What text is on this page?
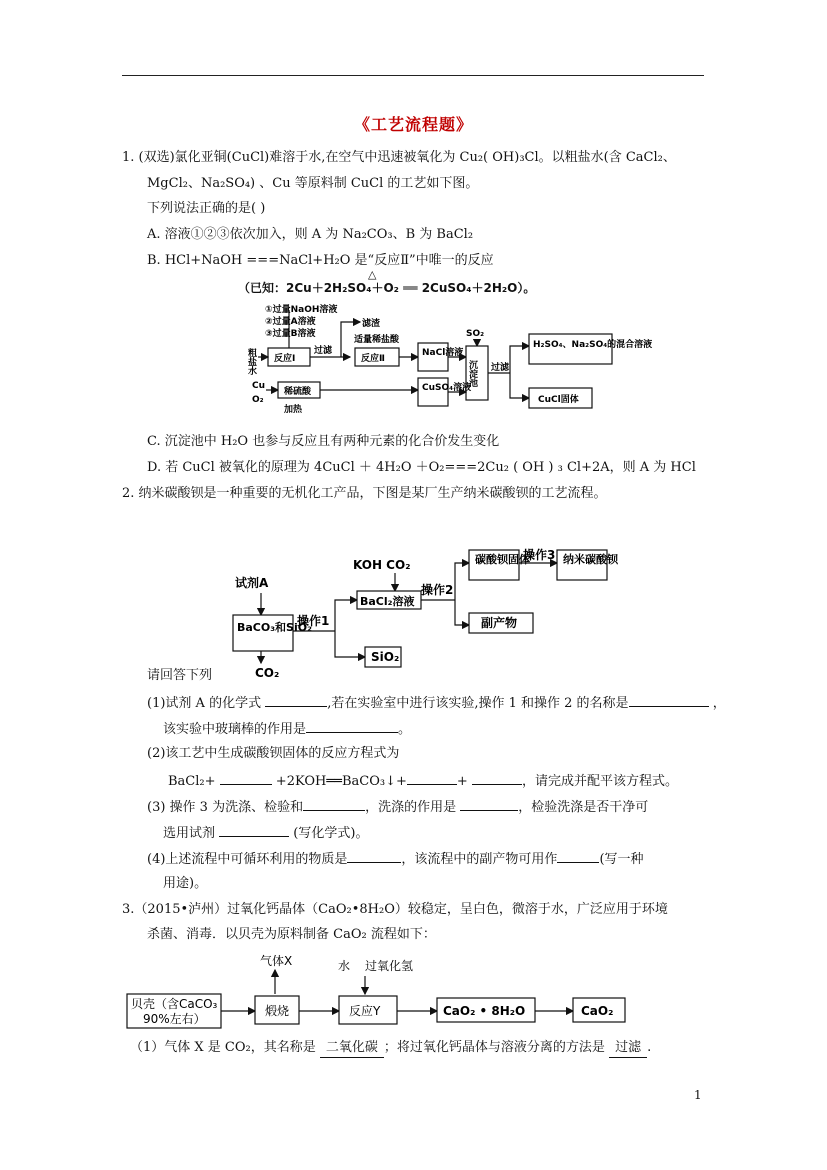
《工艺流程题》
1. (双选)氯化亚铜(CuCl)难溶于水,在空气中迅速被氧化为 Cu₂( OH)₃Cl。以粗盐水(含 CaCl₂、
MgCl₂、Na₂SO₄) 、Cu 等原料制 CuCl 的工艺如下图。
下列说法正确的是( )
A. 溶液①②③依次加入，则 A 为 Na₂CO₃、B 为 BaCl₂
B. HCl+NaOH ===NaCl+H₂O 是“反应Ⅱ”中唯一的反应
△
（已知：2Cu＋2H₂SO₄＋O₂ ══ 2CuSO₄＋2H₂O）。
①过量NaOH溶液
②过量A溶液
③过量B溶液
粗盐水 反应Ⅰ
过滤
滤渣
适量稀盐酸
反应Ⅱ
NaCl溶液
SO₂
沉淀池 过滤
H₂SO₄、Na₂SO₄的混合溶液
CuCl固体
Cu
O₂
稀硫酸
加热
CuSO₄溶液
C. 沉淀池中 H₂O 也参与反应且有两种元素的化合价发生变化
D. 若 CuCl 被氧化的原理为 4CuCl ＋ 4H₂O ＋O₂===2Cu₂ ( OH ) ₃ Cl+2A，则 A 为 HCl
2. 纳米碳酸钡是一种重要的无机化工产品，下图是某厂生产纳米碳酸钡的工艺流程。
试剂A
BaCO₃和SiO₂
CO₂
操作1
KOH CO₂
BaCl₂溶液
操作2
碳酸钡固体
操作3 纳米碳酸钡
副产物
SiO₂
请回答下列
(1)试剂 A 的化学式	,若在实验室中进行该实验,操作 1 和操作 2 的名称是	，
该实验中玻璃棒的作用是	。
(2)该工艺中生成碳酸钡固体的反应方程式为
BaCl₂+	+2KOH══BaCO₃↓+	+	，请完成并配平该方程式。
(3) 操作 3 为洗涤、检验和	，洗涤的作用是	，检验洗涤是否干净可
选用试剂	(写化学式)。
(4)上述流程中可循环利用的物质是	，该流程中的副产物可用作	(写一种
用途)。
3.（2015•泸州）过氧化钙晶体（CaO₂•8H₂O）较稳定，呈白色，微溶于水，广泛应用于环境
杀菌、消毒．以贝壳为原料制备 CaO₂ 流程如下：
气体X	水 过氧化氢
贝壳（含CaCO₃
90%左右）
煅烧	反应Y	CaO₂ • 8H₂O	CaO₂
（1）气体 X 是 CO₂，其名称是 二氧化碳 ；将过氧化钙晶体与溶液分离的方法是 过滤 .
1
